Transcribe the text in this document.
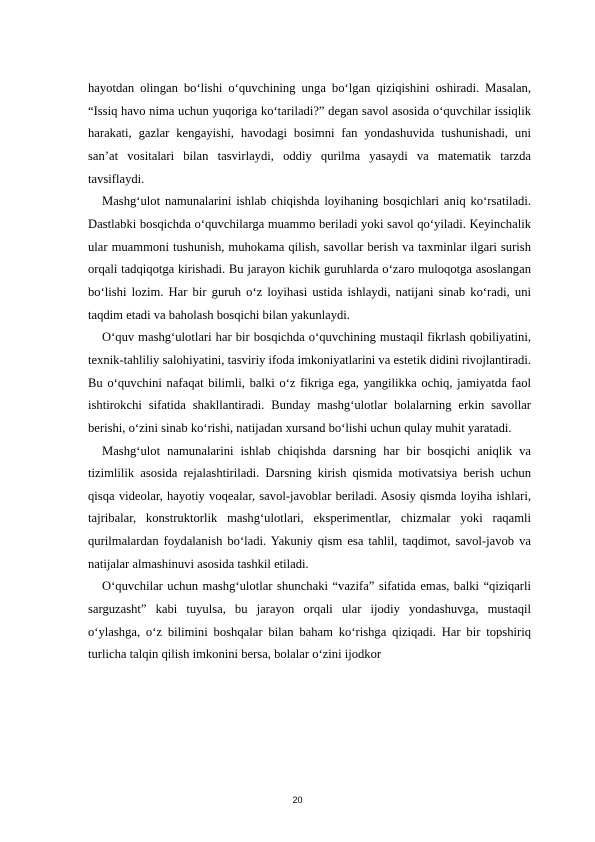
hayotdan olingan bo‘lishi o‘quvchining unga bo‘lgan qiziqishini oshiradi. Masalan, “Issiq havo nima uchun yuqoriga ko‘tariladi?” degan savol asosida o‘quvchilar issiqlik harakati, gazlar kengayishi, havodagi bosimni fan yondashuvida tushunishadi, uni san’at vositalari bilan tasvirlaydi, oddiy qurilma yasaydi va matematik tarzda tavsiflaydi.

Mashg‘ulot namunalarini ishlab chiqishda loyihaning bosqichlari aniq ko‘rsatiladi. Dastlabki bosqichda o‘quvchilarga muammo beriladi yoki savol qo‘yiladi. Keyinchalik ular muammoni tushunish, muhokama qilish, savollar berish va taxminlar ilgari surish orqali tadqiqotga kirishadi. Bu jarayon kichik guruhlarda o‘zaro muloqotga asoslangan bo‘lishi lozim. Har bir guruh o‘z loyihasi ustida ishlaydi, natijani sinab ko‘radi, uni taqdim etadi va baholash bosqichi bilan yakunlaydi.

O‘quv mashg‘ulotlari har bir bosqichda o‘quvchining mustaqil fikrlash qobiliyatini, texnik-tahliliy salohiyatini, tasviriy ifoda imkoniyatlarini va estetik didini rivojlantiradi. Bu o‘quvchini nafaqat bilimli, balki o‘z fikriga ega, yangilikka ochiq, jamiyatda faol ishtirokchi sifatida shakllantiradi. Bunday mashg‘ulotlar bolalarning erkin savollar berishi, o‘zini sinab ko‘rishi, natijadan xursand bo‘lishi uchun qulay muhit yaratadi.

Mashg‘ulot namunalarini ishlab chiqishda darsning har bir bosqichi aniqlik va tizimlilik asosida rejalashtiriladi. Darsning kirish qismida motivatsiya berish uchun qisqa videolar, hayotiy voqealar, savol-javoblar beriladi. Asosiy qismda loyiha ishlari, tajribalar, konstruktorlik mashg‘ulotlari, eksperimentlar, chizmalar yoki raqamli qurilmalardan foydalanish bo‘ladi. Yakuniy qism esa tahlil, taqdimot, savol-javob va natijalar almashinuvi asosida tashkil etiladi.

O‘quvchilar uchun mashg‘ulotlar shunchaki “vazifa” sifatida emas, balki “qiziqarli sarguzasht” kabi tuyulsa, bu jarayon orqali ular ijodiy yondashuvga, mustaqil o‘ylashga, o‘z bilimini boshqalar bilan baham ko‘rishga qiziqadi. Har bir topshiriq turlicha talqin qilish imkonini bersa, bolalar o‘zini ijodkor

20
